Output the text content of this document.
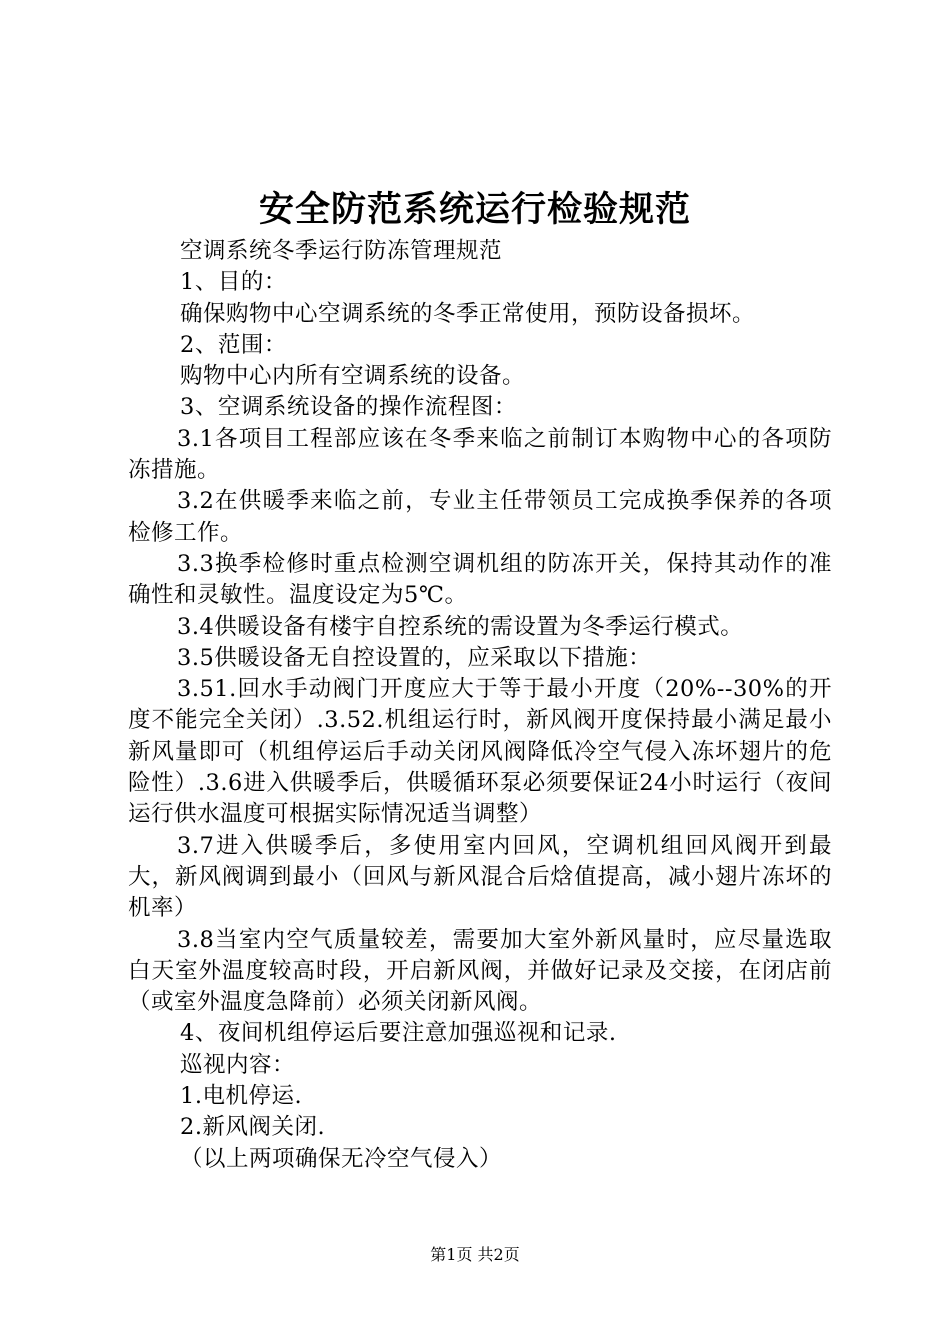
安全防范系统运行检验规范

空调系统冬季运行防冻管理规范

1、目的：

确保购物中心空调系统的冬季正常使用，预防设备损坏。

2、范围：

购物中心内所有空调系统的设备。

3、空调系统设备的操作流程图：

3.1各项目工程部应该在冬季来临之前制订本购物中心的各项防冻措施。

3.2在供暖季来临之前，专业主任带领员工完成换季保养的各项检修工作。

3.3换季检修时重点检测空调机组的防冻开关，保持其动作的准确性和灵敏性。温度设定为5℃。

3.4供暖设备有楼宇自控系统的需设置为冬季运行模式。

3.5供暖设备无自控设置的，应采取以下措施：

3.51.回水手动阀门开度应大于等于最小开度（20%--30%的开度不能完全关闭）.3.52.机组运行时，新风阀开度保持最小满足最小新风量即可（机组停运后手动关闭风阀降低冷空气侵入冻坏翅片的危险性）.3.6进入供暖季后，供暖循环泵必须要保证24小时运行（夜间运行供水温度可根据实际情况适当调整）

3.7进入供暖季后，多使用室内回风，空调机组回风阀开到最大，新风阀调到最小（回风与新风混合后焓值提高，减小翅片冻坏的机率）

3.8当室内空气质量较差，需要加大室外新风量时，应尽量选取白天室外温度较高时段，开启新风阀，并做好记录及交接，在闭店前（或室外温度急降前）必须关闭新风阀。

4、夜间机组停运后要注意加强巡视和记录.

巡视内容：

1.电机停运.

2.新风阀关闭.

（以上两项确保无冷空气侵入）

第1页 共2页
